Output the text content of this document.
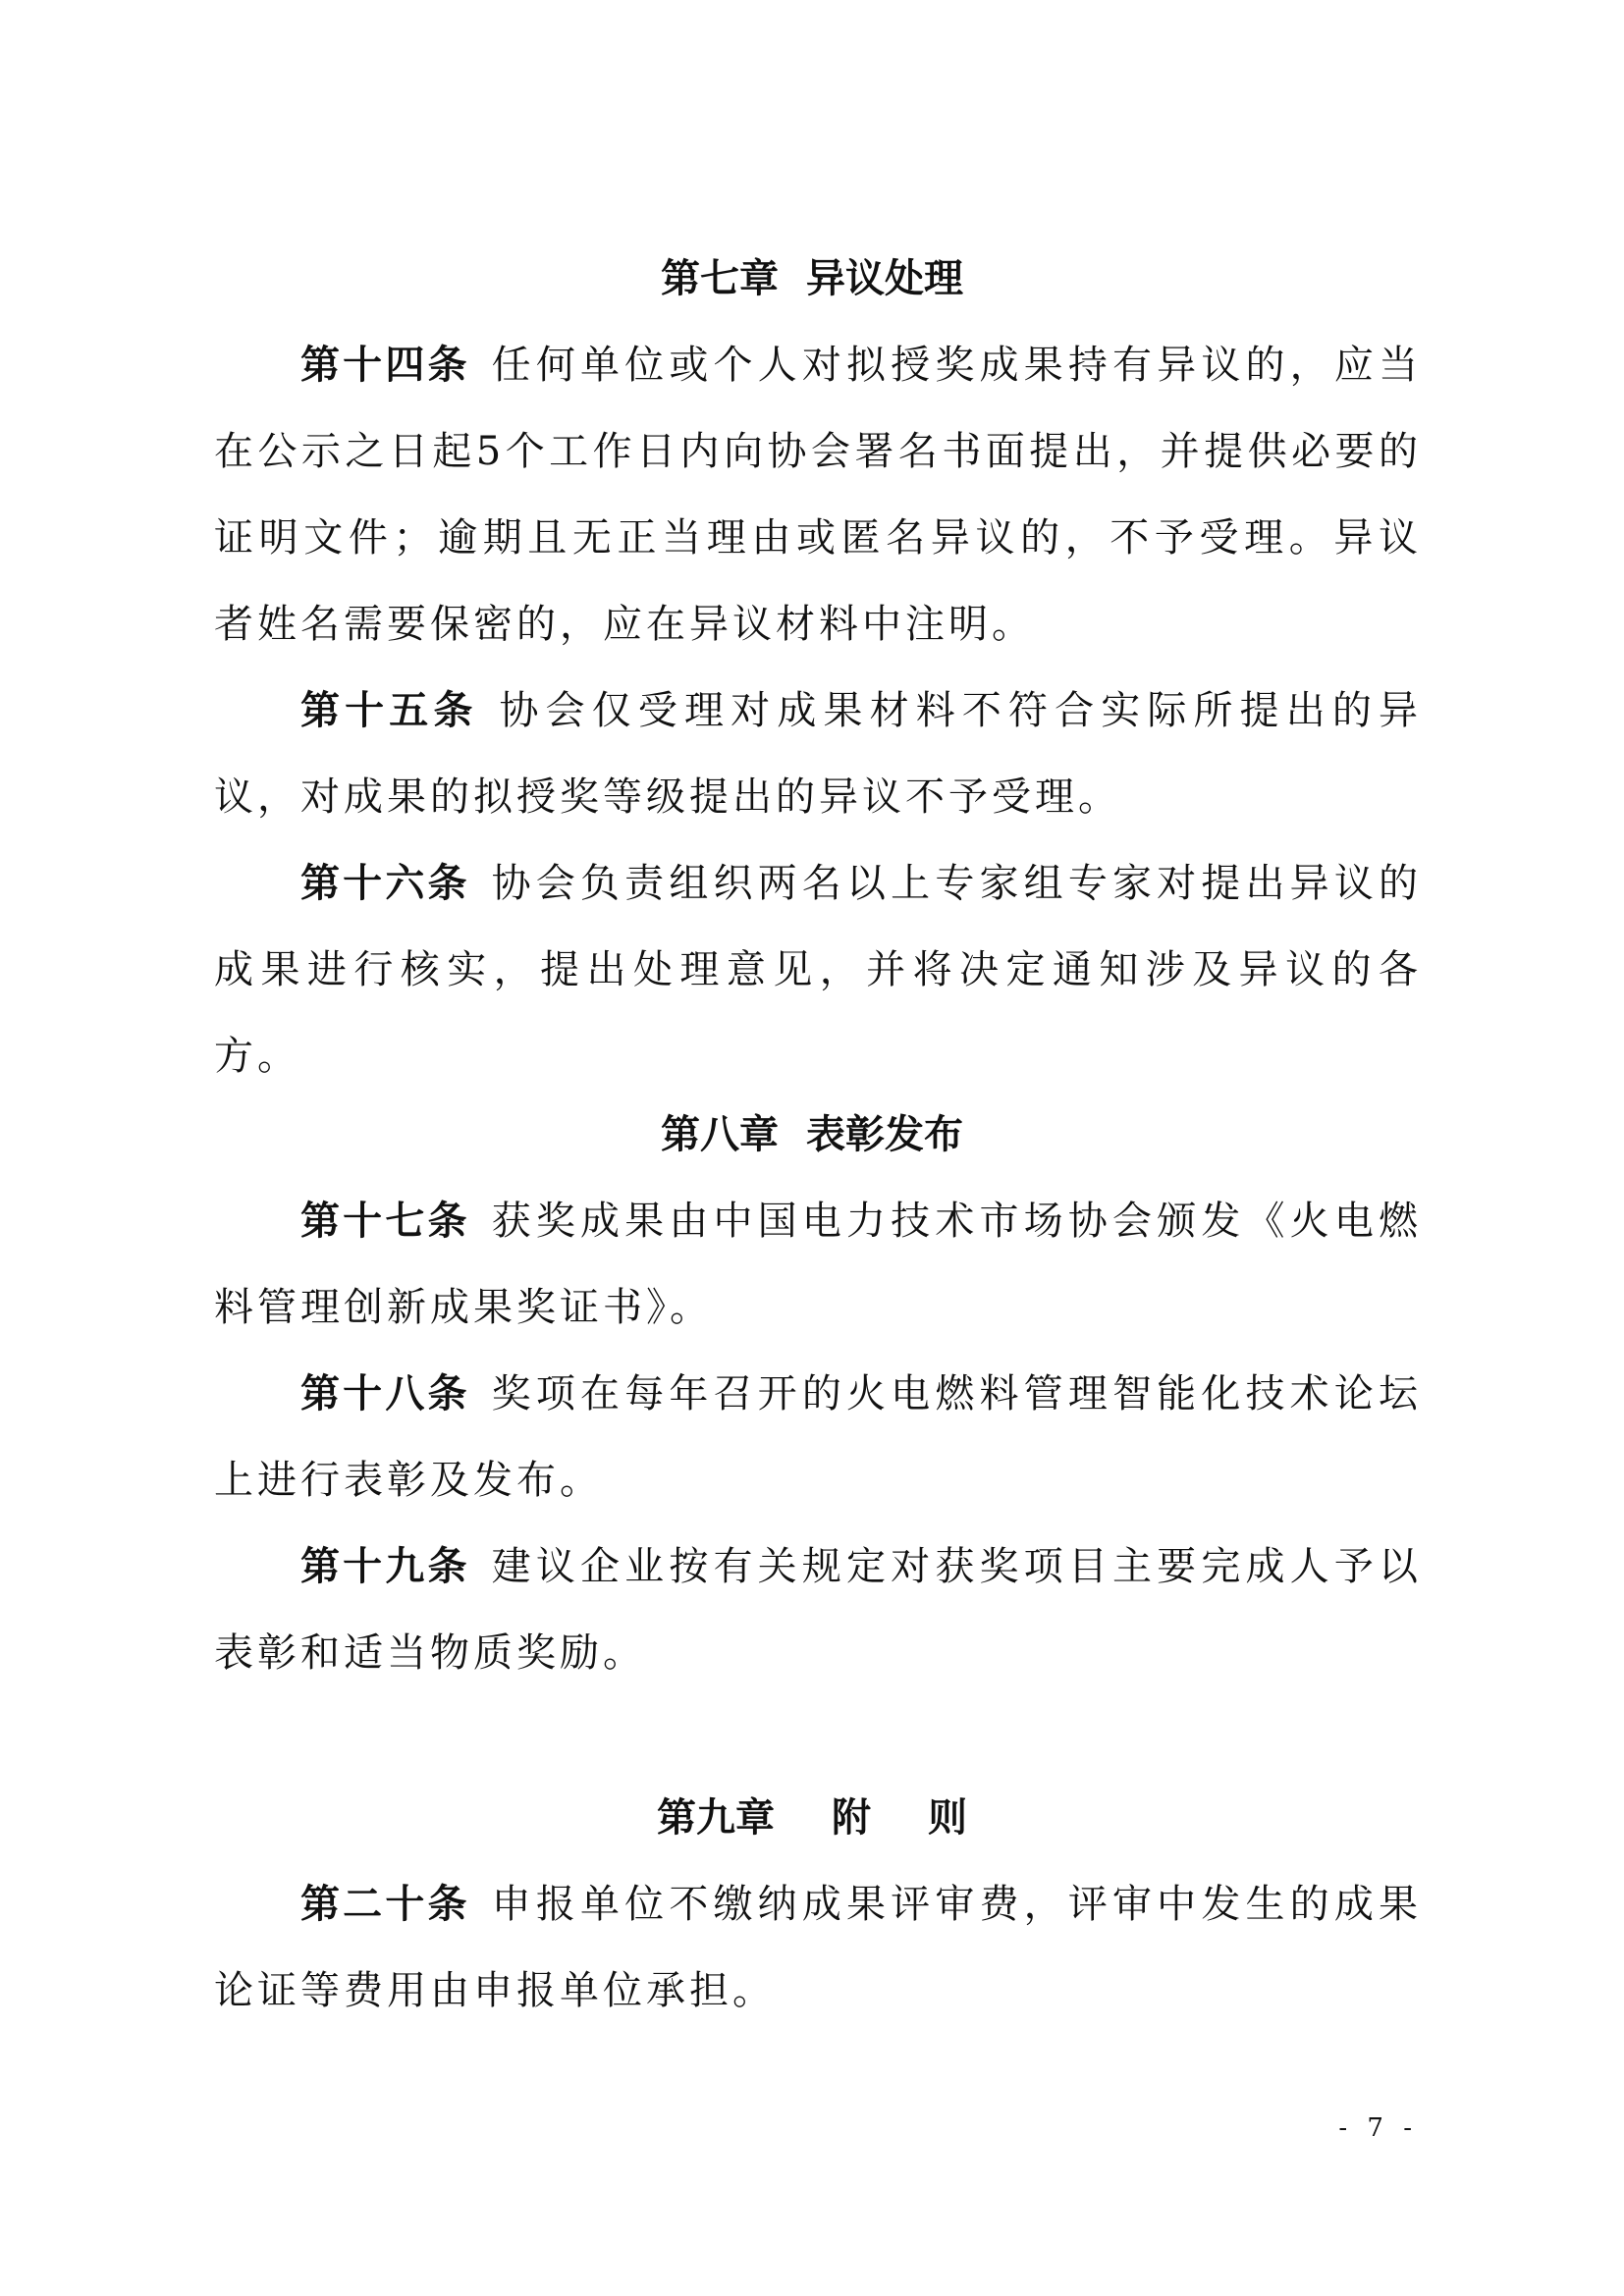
第七章 异议处理

第十四条 任何单位或个人对拟授奖成果持有异议的，应当在公示之日起5个工作日内向协会署名书面提出，并提供必要的证明文件；逾期且无正当理由或匿名异议的，不予受理。异议者姓名需要保密的，应在异议材料中注明。

第十五条 协会仅受理对成果材料不符合实际所提出的异议，对成果的拟授奖等级提出的异议不予受理。

第十六条 协会负责组织两名以上专家组专家对提出异议的成果进行核实，提出处理意见，并将决定通知涉及异议的各方。

第八章 表彰发布

第十七条 获奖成果由中国电力技术市场协会颁发《火电燃料管理创新成果奖证书》。

第十八条 奖项在每年召开的火电燃料管理智能化技术论坛上进行表彰及发布。

第十九条 建议企业按有关规定对获奖项目主要完成人予以表彰和适当物质奖励。

第九章 附 则

第二十条 申报单位不缴纳成果评审费，评审中发生的成果论证等费用由申报单位承担。

- 7 -
